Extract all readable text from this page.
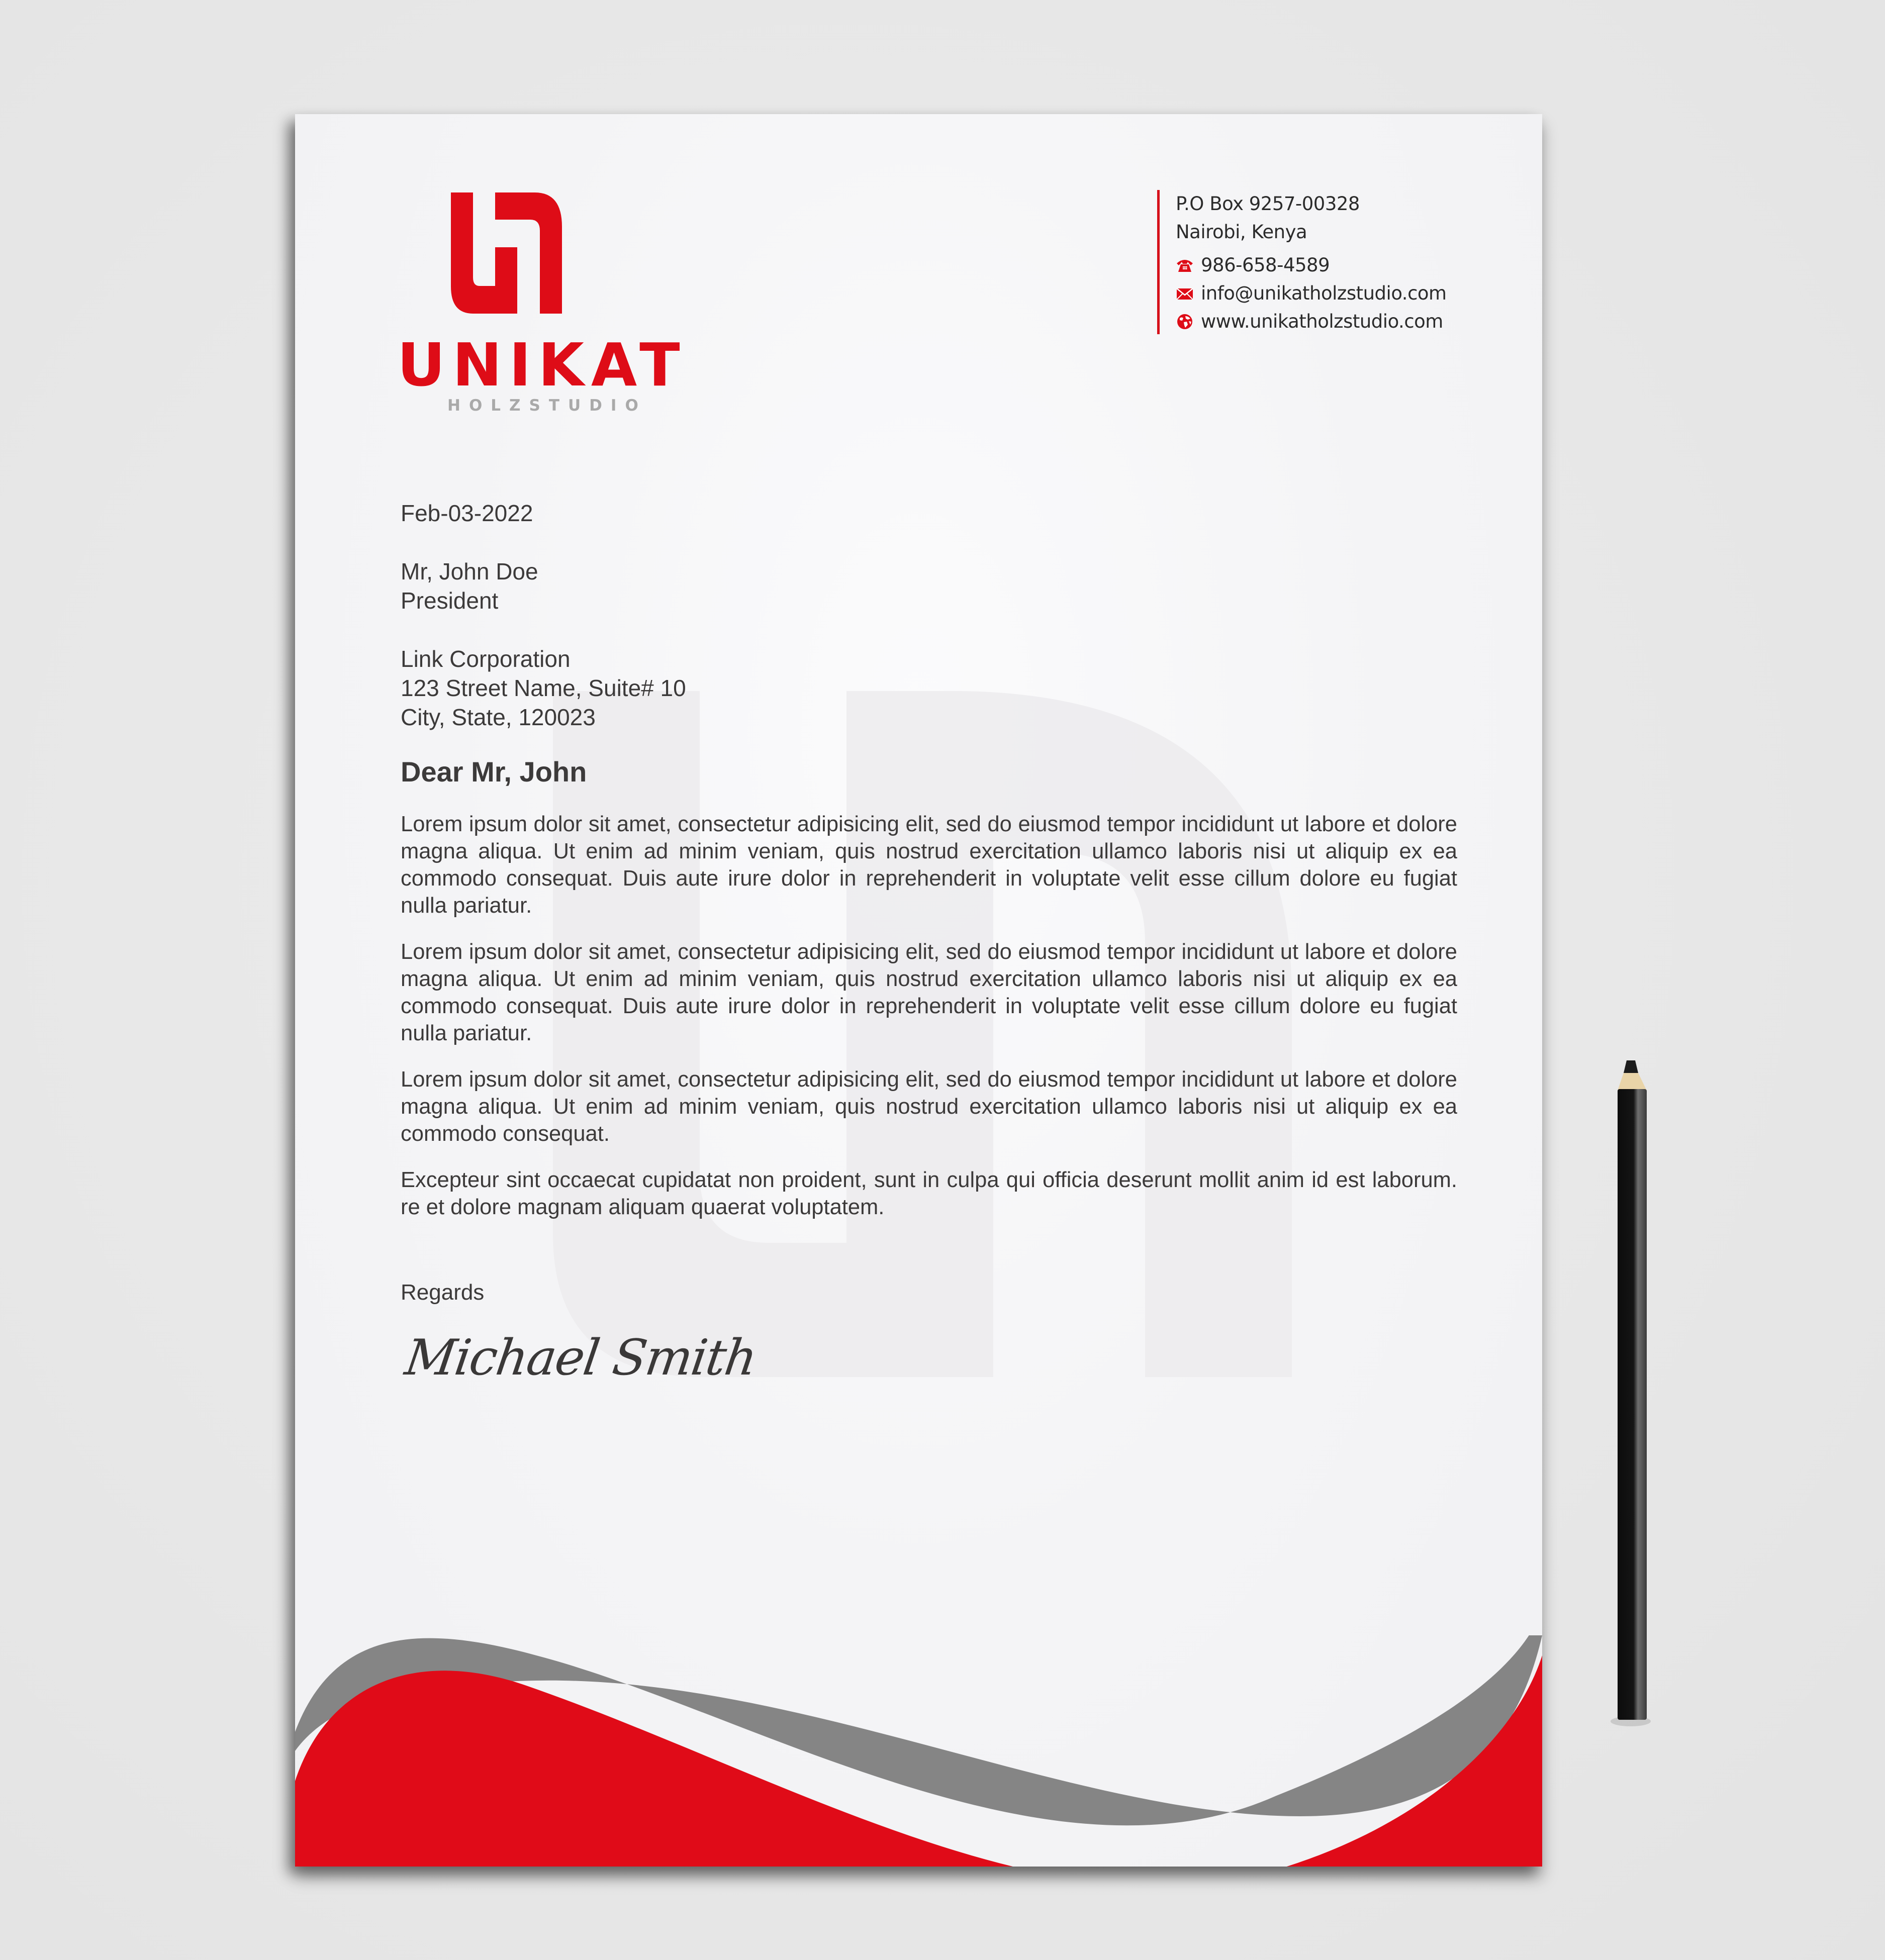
UNIKAT
HOLZSTUDIO
P.O Box 9257-00328
Nairobi, Kenya
986-658-4589
info@unikatholzstudio.com
www.unikatholzstudio.com
Feb-03-2022
Mr, John Doe
President
Link Corporation
123 Street Name, Suite# 10
City, State, 120023
Dear Mr, John
Lorem ipsum dolor sit amet, consectetur adipisicing elit, sed do eiusmod tempor incididunt ut labore et dolore magna aliqua. Ut enim ad minim veniam, quis nostrud exercitation ullamco laboris nisi ut aliquip ex ea commodo consequat. Duis aute irure dolor in reprehenderit in voluptate velit esse cillum dolore eu fugiat nulla pariatur.
Lorem ipsum dolor sit amet, consectetur adipisicing elit, sed do eiusmod tempor incididunt ut labore et dolore magna aliqua. Ut enim ad minim veniam, quis nostrud exercitation ullamco laboris nisi ut aliquip ex ea commodo consequat. Duis aute irure dolor in reprehenderit in voluptate velit esse cillum dolore eu fugiat nulla pariatur.
Lorem ipsum dolor sit amet, consectetur adipisicing elit, sed do eiusmod tempor incididunt ut labore et dolore magna aliqua. Ut enim ad minim veniam, quis nostrud exercitation ullamco laboris nisi ut aliquip ex ea commodo consequat.
Excepteur sint occaecat cupidatat non proident, sunt in culpa qui officia deserunt mollit anim id est laborum. re et dolore magnam aliquam quaerat voluptatem.
Regards
Michael Smith
